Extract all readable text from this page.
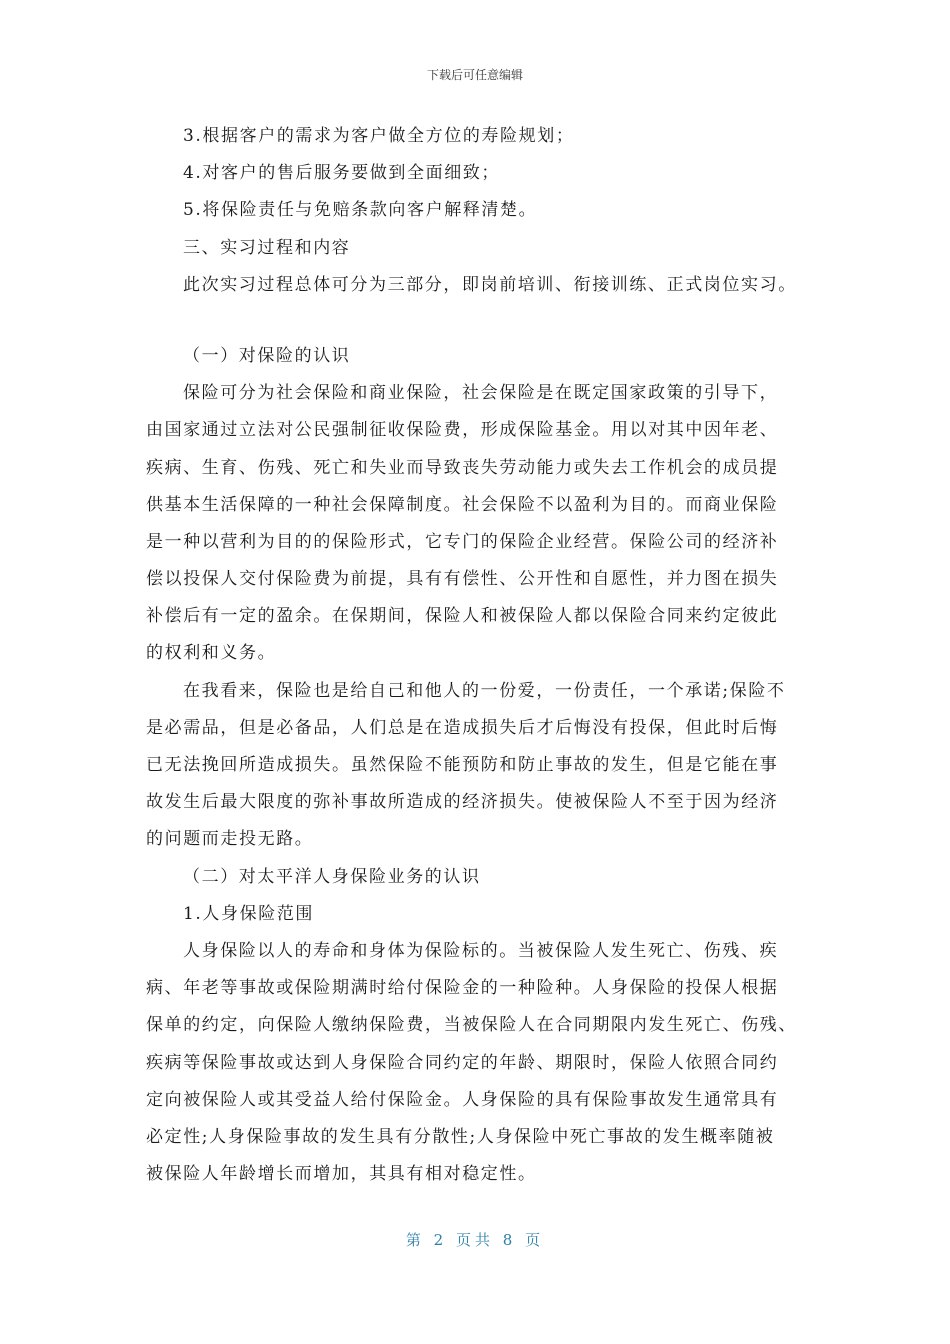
下载后可任意编辑
3.根据客户的需求为客户做全方位的寿险规划；
4.对客户的售后服务要做到全面细致；
5.将保险责任与免赔条款向客户解释清楚。
三、实习过程和内容
此次实习过程总体可分为三部分，即岗前培训、衔接训练、正式岗位实习。
（一）对保险的认识
保险可分为社会保险和商业保险，社会保险是在既定国家政策的引导下，
由国家通过立法对公民强制征收保险费，形成保险基金。用以对其中因年老、
疾病、生育、伤残、死亡和失业而导致丧失劳动能力或失去工作机会的成员提
供基本生活保障的一种社会保障制度。社会保险不以盈利为目的。而商业保险
是一种以营利为目的的保险形式，它专门的保险企业经营。保险公司的经济补
偿以投保人交付保险费为前提，具有有偿性、公开性和自愿性，并力图在损失
补偿后有一定的盈余。在保期间，保险人和被保险人都以保险合同来约定彼此
的权利和义务。
在我看来，保险也是给自己和他人的一份爱，一份责任，一个承诺;保险不
是必需品，但是必备品，人们总是在造成损失后才后悔没有投保，但此时后悔
已无法挽回所造成损失。虽然保险不能预防和防止事故的发生，但是它能在事
故发生后最大限度的弥补事故所造成的经济损失。使被保险人不至于因为经济
的问题而走投无路。
（二）对太平洋人身保险业务的认识
1.人身保险范围
人身保险以人的寿命和身体为保险标的。当被保险人发生死亡、伤残、疾
病、年老等事故或保险期满时给付保险金的一种险种。人身保险的投保人根据
保单的约定，向保险人缴纳保险费，当被保险人在合同期限内发生死亡、伤残、
疾病等保险事故或达到人身保险合同约定的年龄、期限时，保险人依照合同约
定向被保险人或其受益人给付保险金。人身保险的具有保险事故发生通常具有
必定性;人身保险事故的发生具有分散性;人身保险中死亡事故的发生概率随被
被保险人年龄增长而增加，其具有相对稳定性。
第 2 页共 8 页
